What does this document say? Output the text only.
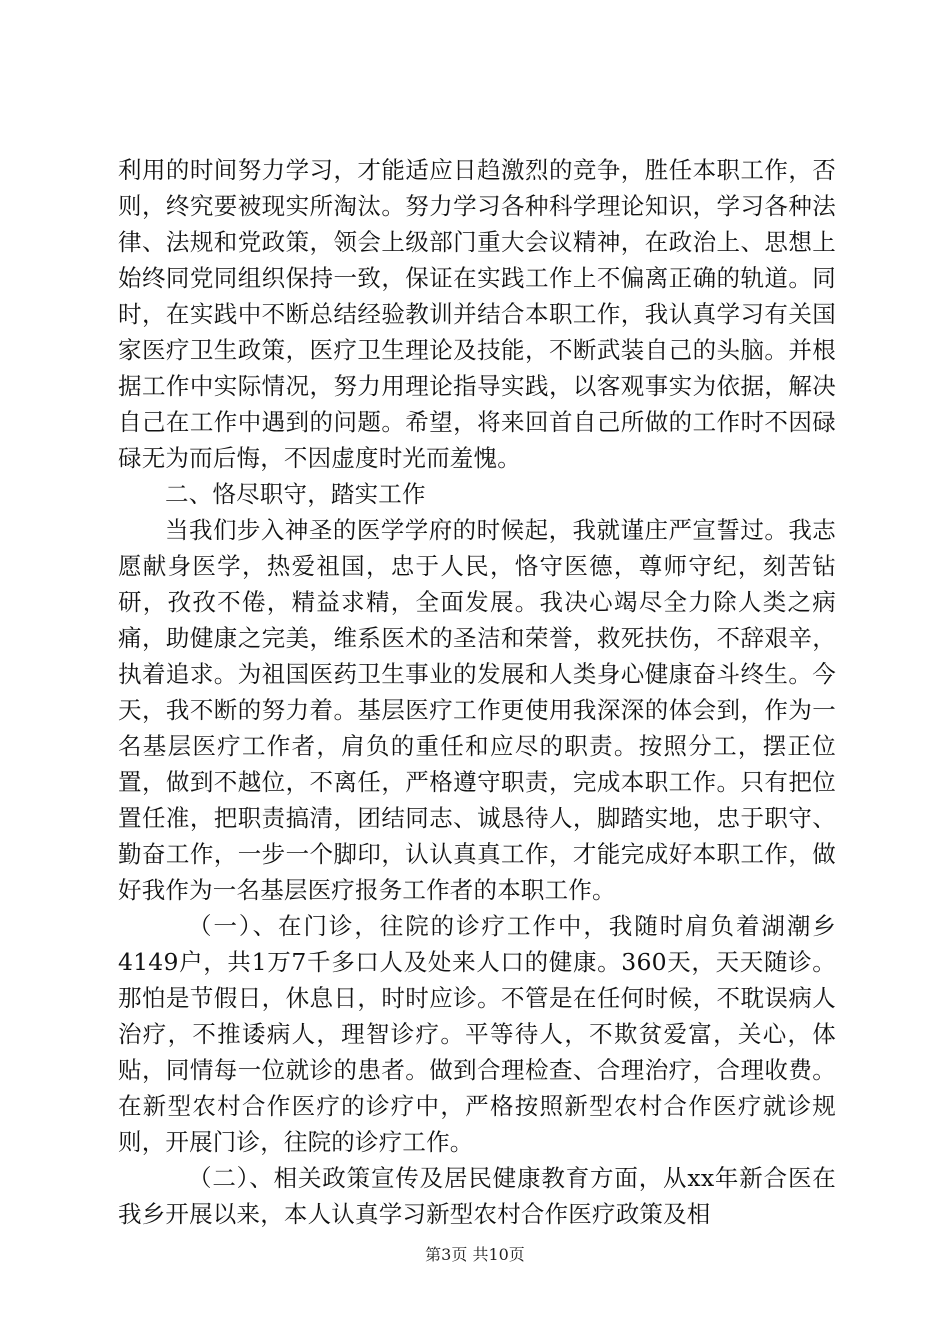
利用的时间努力学习，才能适应日趋激烈的竞争，胜任本职工作，否则，终究要被现实所淘汰。努力学习各种科学理论知识，学习各种法律、法规和党政策，领会上级部门重大会议精神，在政治上、思想上始终同党同组织保持一致，保证在实践工作上不偏离正确的轨道。同时，在实践中不断总结经验教训并结合本职工作，我认真学习有关国家医疗卫生政策，医疗卫生理论及技能，不断武装自己的头脑。并根据工作中实际情况，努力用理论指导实践，以客观事实为依据，解决自己在工作中遇到的问题。希望，将来回首自己所做的工作时不因碌碌无为而后悔，不因虚度时光而羞愧。

二、恪尽职守，踏实工作

当我们步入神圣的医学学府的时候起，我就谨庄严宣誓过。我志愿献身医学，热爱祖国，忠于人民，恪守医德，尊师守纪，刻苦钻研，孜孜不倦，精益求精，全面发展。我决心竭尽全力除人类之病痛，助健康之完美，维系医术的圣洁和荣誉，救死扶伤，不辞艰辛，执着追求。为祖国医药卫生事业的发展和人类身心健康奋斗终生。今天，我不断的努力着。基层医疗工作更使用我深深的体会到，作为一名基层医疗工作者，肩负的重任和应尽的职责。按照分工，摆正位置，做到不越位，不离任，严格遵守职责，完成本职工作。只有把位置任准，把职责搞清，团结同志、诚恳待人，脚踏实地，忠于职守、勤奋工作，一步一个脚印，认认真真工作，才能完成好本职工作，做好我作为一名基层医疗报务工作者的本职工作。

（一）、在门诊，往院的诊疗工作中，我随时肩负着湖潮乡4149户，共1万7千多口人及处来人口的健康。360天，天天随诊。那怕是节假日，休息日，时时应诊。不管是在任何时候，不耽误病人治疗，不推诿病人，理智诊疗。平等待人，不欺贫爱富，关心，体贴，同情每一位就诊的患者。做到合理检查、合理治疗，合理收费。在新型农村合作医疗的诊疗中，严格按照新型农村合作医疗就诊规则，开展门诊，往院的诊疗工作。

（二）、相关政策宣传及居民健康教育方面，从xx年新合医在我乡开展以来，本人认真学习新型农村合作医疗政策及相

第3页 共10页
